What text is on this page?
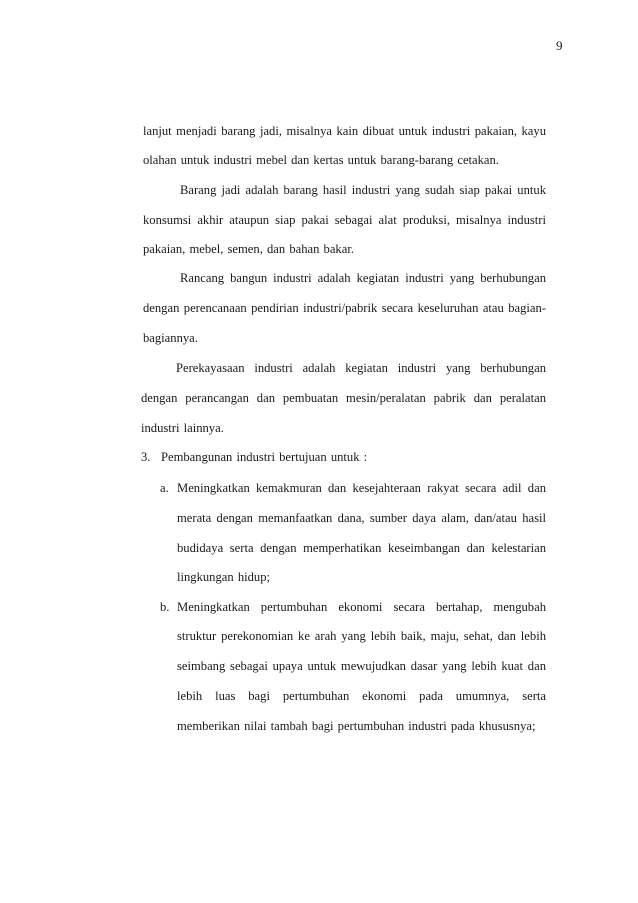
9
lanjut menjadi barang jadi, misalnya kain dibuat untuk industri pakaian, kayu
olahan untuk industri mebel dan kertas untuk barang-barang cetakan.
Barang jadi adalah barang hasil industri yang sudah siap pakai untuk
konsumsi akhir ataupun siap pakai sebagai alat produksi, misalnya industri
pakaian, mebel, semen, dan bahan bakar.
Rancang bangun industri adalah kegiatan industri yang berhubungan
dengan perencanaan pendirian industri/pabrik secara keseluruhan atau bagian-
bagiannya.
Perekayasaan industri adalah kegiatan industri yang berhubungan
dengan perancangan dan pembuatan mesin/peralatan pabrik dan peralatan
industri lainnya.
3. Pembangunan industri bertujuan untuk :
a. Meningkatkan kemakmuran dan kesejahteraan rakyat secara adil dan
merata dengan memanfaatkan dana, sumber daya alam, dan/atau hasil
budidaya serta dengan memperhatikan keseimbangan dan kelestarian
lingkungan hidup;
b. Meningkatkan pertumbuhan ekonomi secara bertahap, mengubah
struktur perekonomian ke arah yang lebih baik, maju, sehat, dan lebih
seimbang sebagai upaya untuk mewujudkan dasar yang lebih kuat dan
lebih luas bagi pertumbuhan ekonomi pada umumnya, serta
memberikan nilai tambah bagi pertumbuhan industri pada khususnya;
